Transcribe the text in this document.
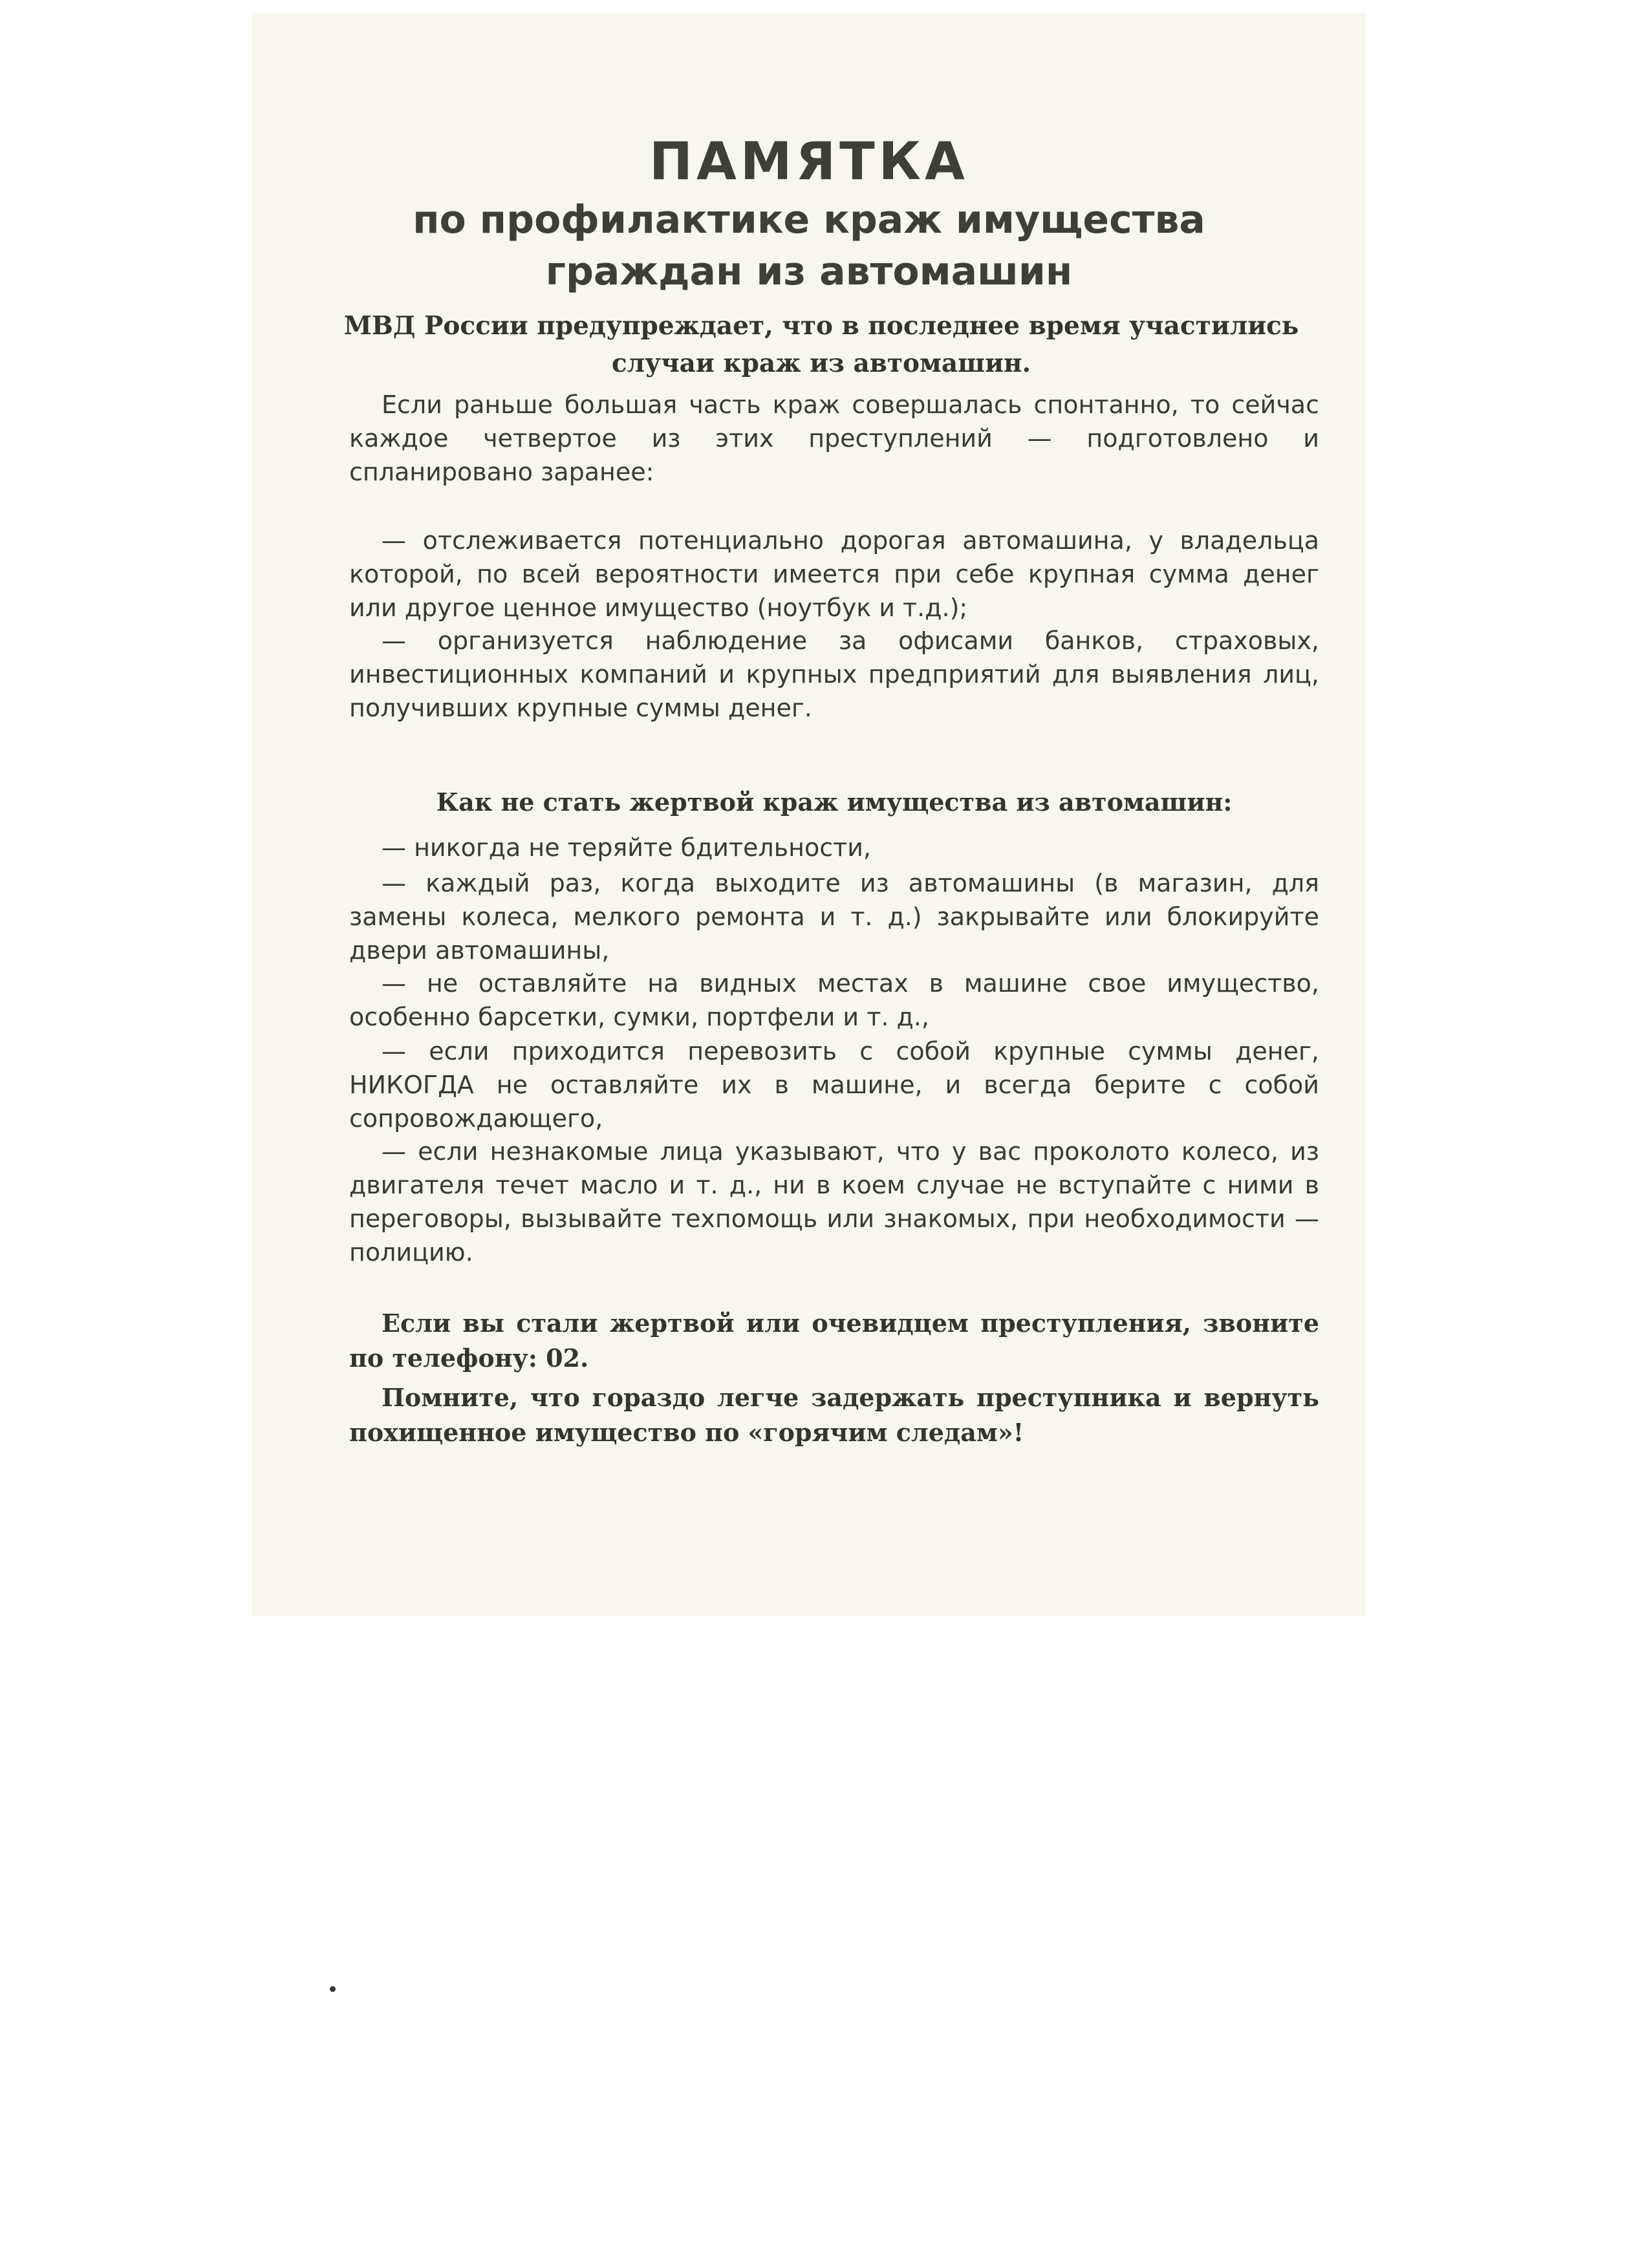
ПАМЯТКА
по профилактике краж имущества
граждан из автомашин

МВД России предупреждает, что в последнее время участились случаи краж из автомашин.

Если раньше большая часть краж совершалась спонтанно, то сейчас каждое четвертое из этих преступлений — подготовлено и спланировано заранее:

— отслеживается потенциально дорогая автомашина, у владельца которой, по всей вероятности имеется при себе крупная сумма денег или другое ценное имущество (ноутбук и т.д.);

— организуется наблюдение за офисами банков, страховых, инвестиционных компаний и крупных предприятий для выявления лиц, получивших крупные суммы денег.

Как не стать жертвой краж имущества из автомашин:

— никогда не теряйте бдительности,

— каждый раз, когда выходите из автомашины (в магазин, для замены колеса, мелкого ремонта и т. д.) закрывайте или блокируйте двери автомашины,

— не оставляйте на видных местах в машине свое имущество, особенно барсетки, сумки, портфели и т. д.,

— если приходится перевозить с собой крупные суммы денег, НИКОГДА не оставляйте их в машине, и всегда берите с собой сопровождающего,

— если незнакомые лица указывают, что у вас проколото колесо, из двигателя течет масло и т. д., ни в коем случае не вступайте с ними в переговоры, вызывайте техпомощь или знакомых, при необходимости — полицию.

Если вы стали жертвой или очевидцем преступления, звоните по телефону: 02.

Помните, что гораздо легче задержать преступника и вернуть похищенное имущество по «горячим следам»!
